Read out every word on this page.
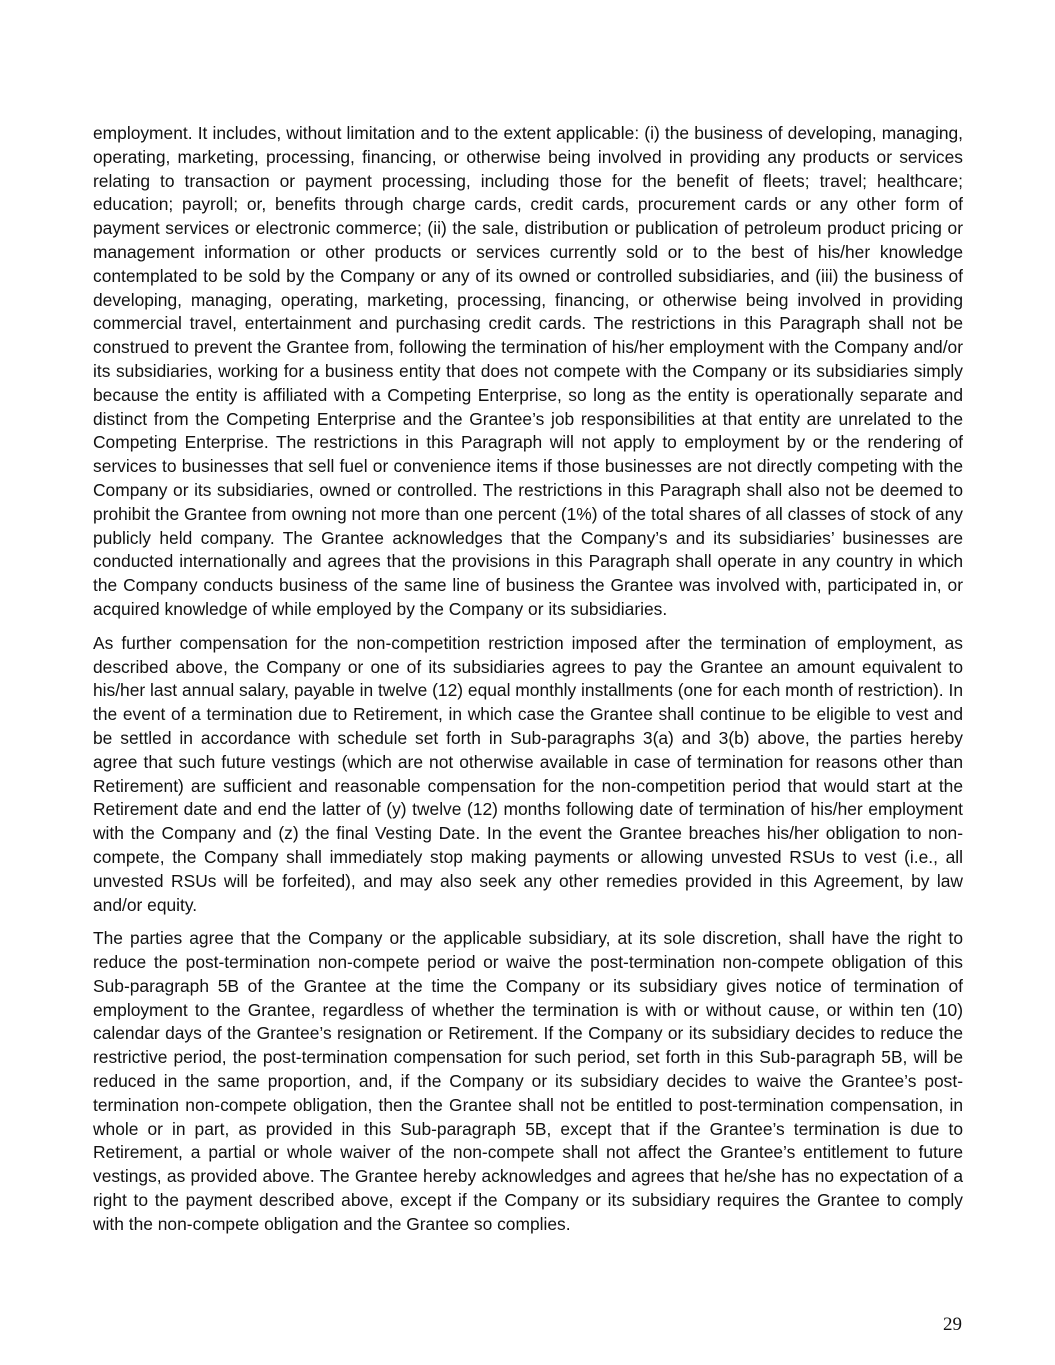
employment. It includes, without limitation and to the extent applicable: (i) the business of developing, managing, operating, marketing, processing, financing, or otherwise being involved in providing any products or services relating to transaction or payment processing, including those for the benefit of fleets; travel; healthcare; education; payroll; or, benefits through charge cards, credit cards, procurement cards or any other form of payment services or electronic commerce; (ii) the sale, distribution or publication of petroleum product pricing or management information or other products or services currently sold or to the best of his/her knowledge contemplated to be sold by the Company or any of its owned or controlled subsidiaries, and (iii) the business of developing, managing, operating, marketing, processing, financing, or otherwise being involved in providing commercial travel, entertainment and purchasing credit cards. The restrictions in this Paragraph shall not be construed to prevent the Grantee from, following the termination of his/her employment with the Company and/or its subsidiaries, working for a business entity that does not compete with the Company or its subsidiaries simply because the entity is affiliated with a Competing Enterprise, so long as the entity is operationally separate and distinct from the Competing Enterprise and the Grantee’s job responsibilities at that entity are unrelated to the Competing Enterprise. The restrictions in this Paragraph will not apply to employment by or the rendering of services to businesses that sell fuel or convenience items if those businesses are not directly competing with the Company or its subsidiaries, owned or controlled. The restrictions in this Paragraph shall also not be deemed to prohibit the Grantee from owning not more than one percent (1%) of the total shares of all classes of stock of any publicly held company. The Grantee acknowledges that the Company’s and its subsidiaries’ businesses are conducted internationally and agrees that the provisions in this Paragraph shall operate in any country in which the Company conducts business of the same line of business the Grantee was involved with, participated in, or acquired knowledge of while employed by the Company or its subsidiaries.

As further compensation for the non-competition restriction imposed after the termination of employment, as described above, the Company or one of its subsidiaries agrees to pay the Grantee an amount equivalent to his/her last annual salary, payable in twelve (12) equal monthly installments (one for each month of restriction). In the event of a termination due to Retirement, in which case the Grantee shall continue to be eligible to vest and be settled in accordance with schedule set forth in Sub-paragraphs 3(a) and 3(b) above, the parties hereby agree that such future vestings (which are not otherwise available in case of termination for reasons other than Retirement) are sufficient and reasonable compensation for the non-competition period that would start at the Retirement date and end the latter of (y) twelve (12) months following date of termination of his/her employment with the Company and (z) the final Vesting Date. In the event the Grantee breaches his/her obligation to non-compete, the Company shall immediately stop making payments or allowing unvested RSUs to vest (i.e., all unvested RSUs will be forfeited), and may also seek any other remedies provided in this Agreement, by law and/or equity.

The parties agree that the Company or the applicable subsidiary, at its sole discretion, shall have the right to reduce the post-termination non-compete period or waive the post-termination non-compete obligation of this Sub-paragraph 5B of the Grantee at the time the Company or its subsidiary gives notice of termination of employment to the Grantee, regardless of whether the termination is with or without cause, or within ten (10) calendar days of the Grantee’s resignation or Retirement. If the Company or its subsidiary decides to reduce the restrictive period, the post-termination compensation for such period, set forth in this Sub-paragraph 5B, will be reduced in the same proportion, and, if the Company or its subsidiary decides to waive the Grantee’s post-termination non-compete obligation, then the Grantee shall not be entitled to post-termination compensation, in whole or in part, as provided in this Sub-paragraph 5B, except that if the Grantee’s termination is due to Retirement, a partial or whole waiver of the non-compete shall not affect the Grantee’s entitlement to future vestings, as provided above. The Grantee hereby acknowledges and agrees that he/she has no expectation of a right to the payment described above, except if the Company or its subsidiary requires the Grantee to comply with the non-compete obligation and the Grantee so complies.

29
